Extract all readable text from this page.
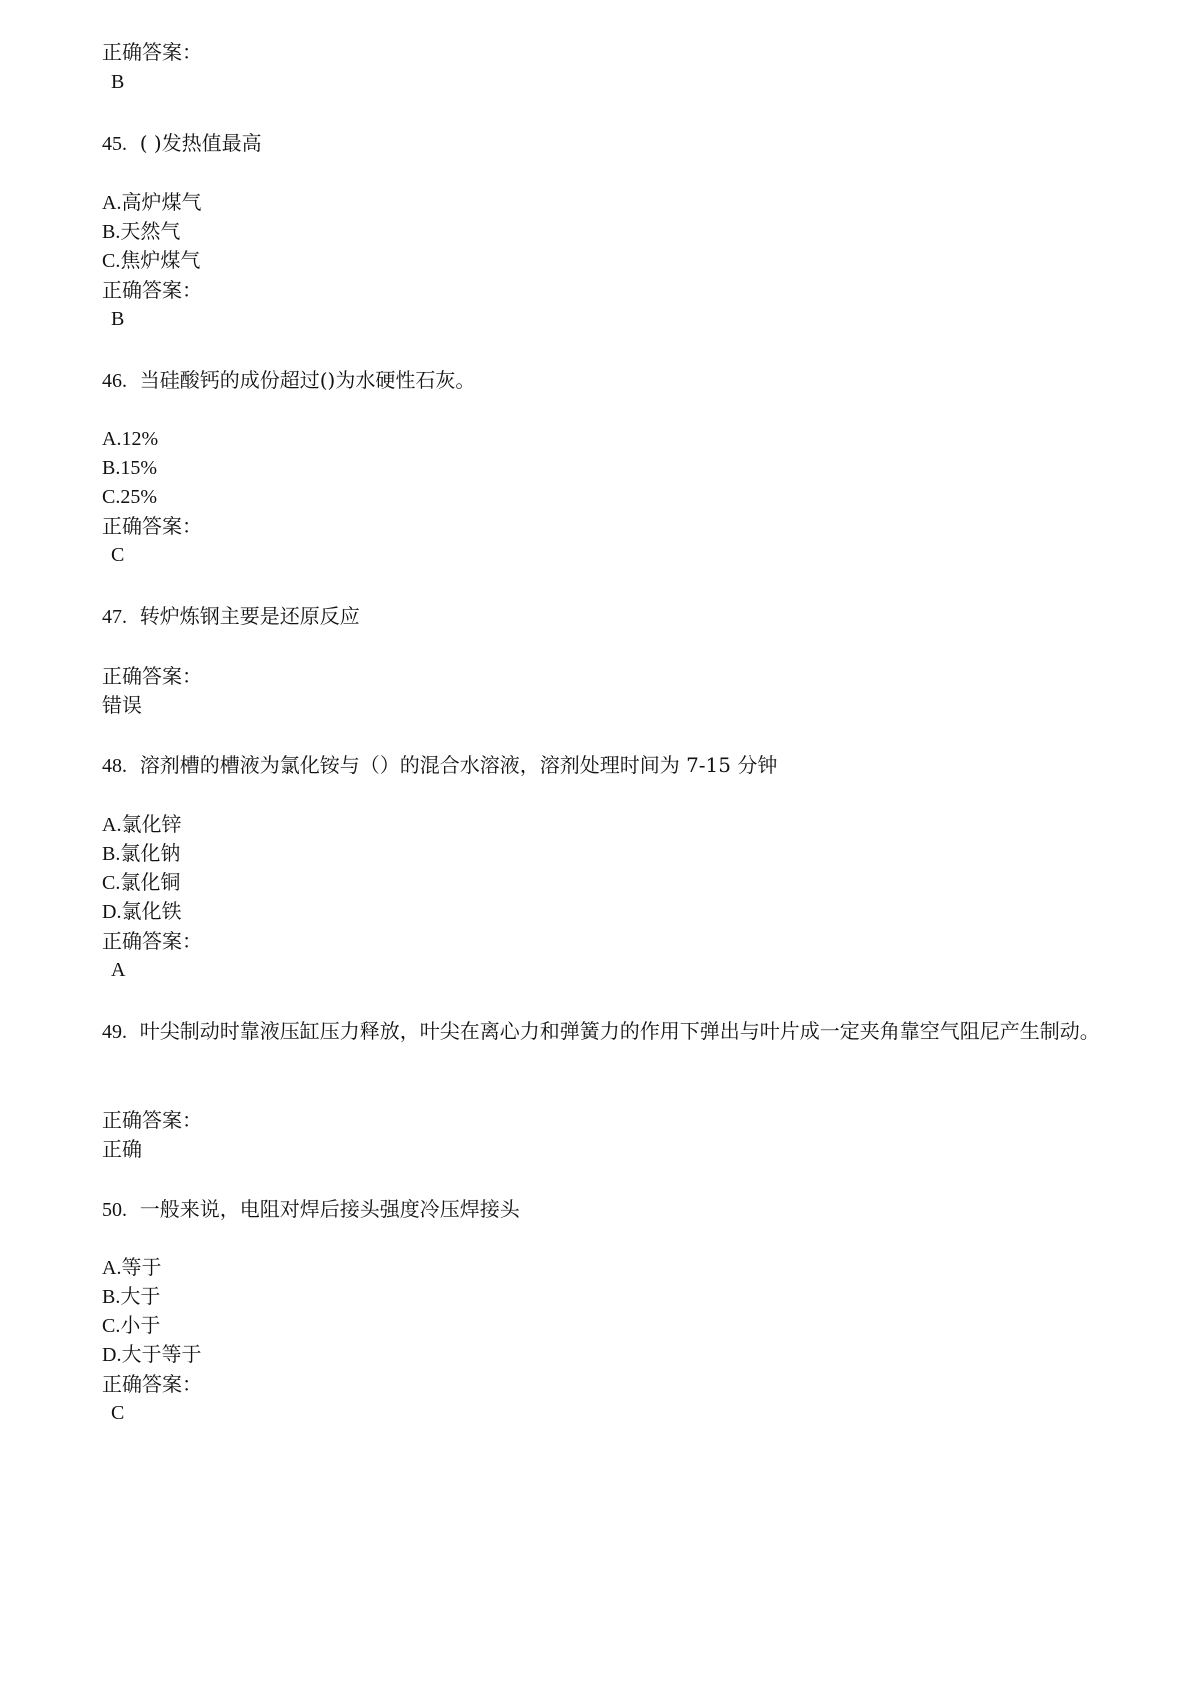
正确答案：
B
45. ( )发热值最高
A.高炉煤气
B.天然气
C.焦炉煤气
正确答案：
B
46. 当硅酸钙的成份超过()为水硬性石灰。
A.12%
B.15%
C.25%
正确答案：
C
47. 转炉炼钢主要是还原反应
正确答案：
错误
48. 溶剂槽的槽液为氯化铵与（）的混合水溶液，溶剂处理时间为 7-15 分钟
A.氯化锌
B.氯化钠
C.氯化铜
D.氯化铁
正确答案：
A
49. 叶尖制动时靠液压缸压力释放，叶尖在离心力和弹簧力的作用下弹出与叶片成一定夹角靠空气阻尼产生制动。
正确答案：
正确
50. 一般来说，电阻对焊后接头强度冷压焊接头
A.等于
B.大于
C.小于
D.大于等于
正确答案：
C
